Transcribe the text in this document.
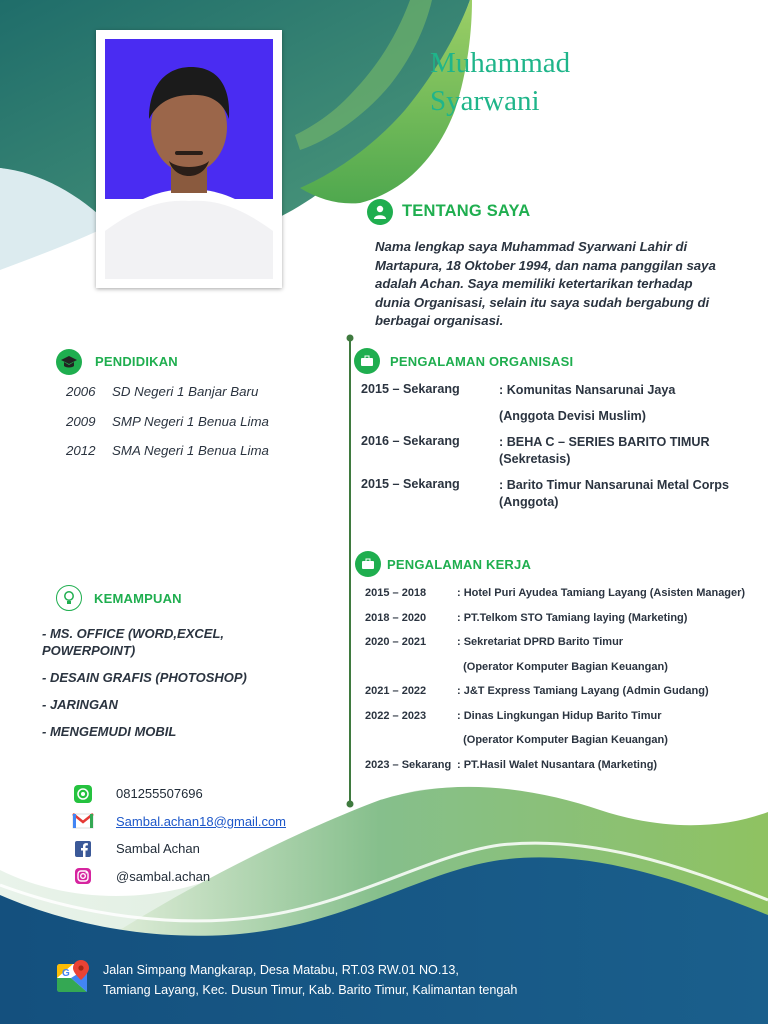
Muhammad
Syarwani
TENTANG SAYA
Nama lengkap saya Muhammad Syarwani Lahir di Martapura, 18 Oktober 1994, dan nama panggilan saya adalah Achan. Saya memiliki ketertarikan terhadap dunia Organisasi, selain itu saya sudah bergabung di berbagai organisasi.
PENDIDIKAN
2006	SD Negeri 1 Banjar Baru
2009	SMP Negeri 1 Benua Lima
2012	SMA Negeri 1 Benua Lima
KEMAMPUAN
- MS. OFFICE (WORD,EXCEL, POWERPOINT)
- DESAIN GRAFIS (PHOTOSHOP)
- JARINGAN
- MENGEMUDI MOBIL
081255507696
Sambal.achan18@gmail.com
Sambal Achan
@sambal.achan
PENGALAMAN ORGANISASI
2015 – Sekarang	: Komunitas Nansarunai Jaya
(Anggota Devisi Muslim)
2016 – Sekarang	: BEHA C – SERIES BARITO TIMUR
(Sekretasis)
2015 – Sekarang	: Barito Timur Nansarunai Metal Corps
(Anggota)
PENGALAMAN KERJA
2015 – 2018	: Hotel Puri Ayudea Tamiang Layang (Asisten Manager)
2018 – 2020	: PT.Telkom STO Tamiang laying (Marketing)
2020 – 2021	: Sekretariat DPRD Barito Timur
(Operator Komputer Bagian Keuangan)
2021 – 2022	: J&T Express Tamiang Layang (Admin Gudang)
2022 – 2023	: Dinas Lingkungan Hidup Barito Timur
(Operator Komputer Bagian Keuangan)
2023 – Sekarang : PT.Hasil Walet Nusantara (Marketing)
G	Jalan Simpang Mangkarap, Desa Matabu, RT.03 RW.01 NO.13,
Tamiang Layang, Kec. Dusun Timur, Kab. Barito Timur, Kalimantan tengah
